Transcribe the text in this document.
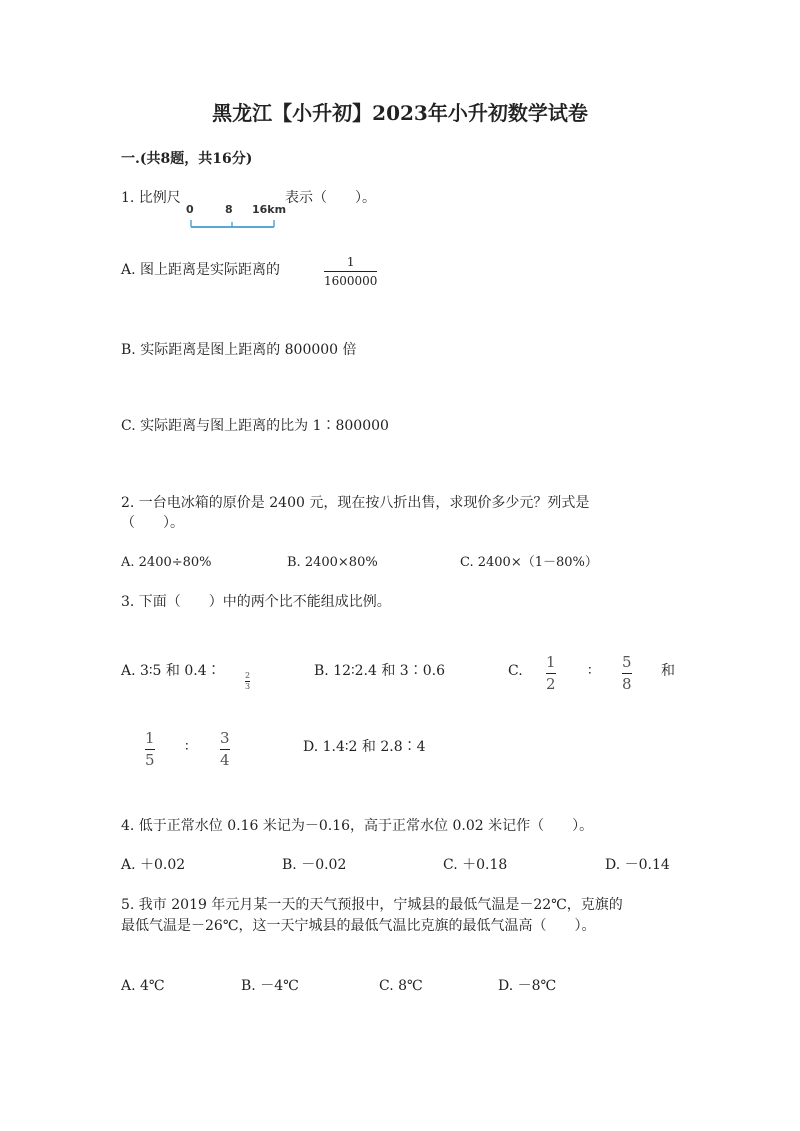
黑龙江【小升初】2023年小升初数学试卷
一.(共8题，共16分)
1. 比例尺
0	8 16km
表示（　　）。
A. 图上距离是实际距离的	1
1600000
B. 实际距离是图上距离的 800000 倍
C. 实际距离与图上距离的比为 1∶800000
2. 一台电冰箱的原价是 2400 元，现在按八折出售，求现价多少元？列式是
（　　）。
A. 2400÷80%	B. 2400×80%	C. 2400×（1－80%）
3. 下面（　　）中的两个比不能组成比例。
A. 3∶5 和 0.4∶	2
3
B. 12∶2.4 和 3∶0.6	C. 1
2
∶ 5
8
和
1
5
∶ 3
4
D. 1.4∶2 和 2.8∶4
4. 低于正常水位 0.16 米记为－0.16，高于正常水位 0.02 米记作（　　）。
A. ＋0.02	B. －0.02	C. ＋0.18	D. －0.14
5. 我市 2019 年元月某一天的天气预报中，宁城县的最低气温是－22℃，克旗的
最低气温是－26℃，这一天宁城县的最低气温比克旗的最低气温高（　　）。
A. 4℃	B. －4℃	C. 8℃	D. －8℃
